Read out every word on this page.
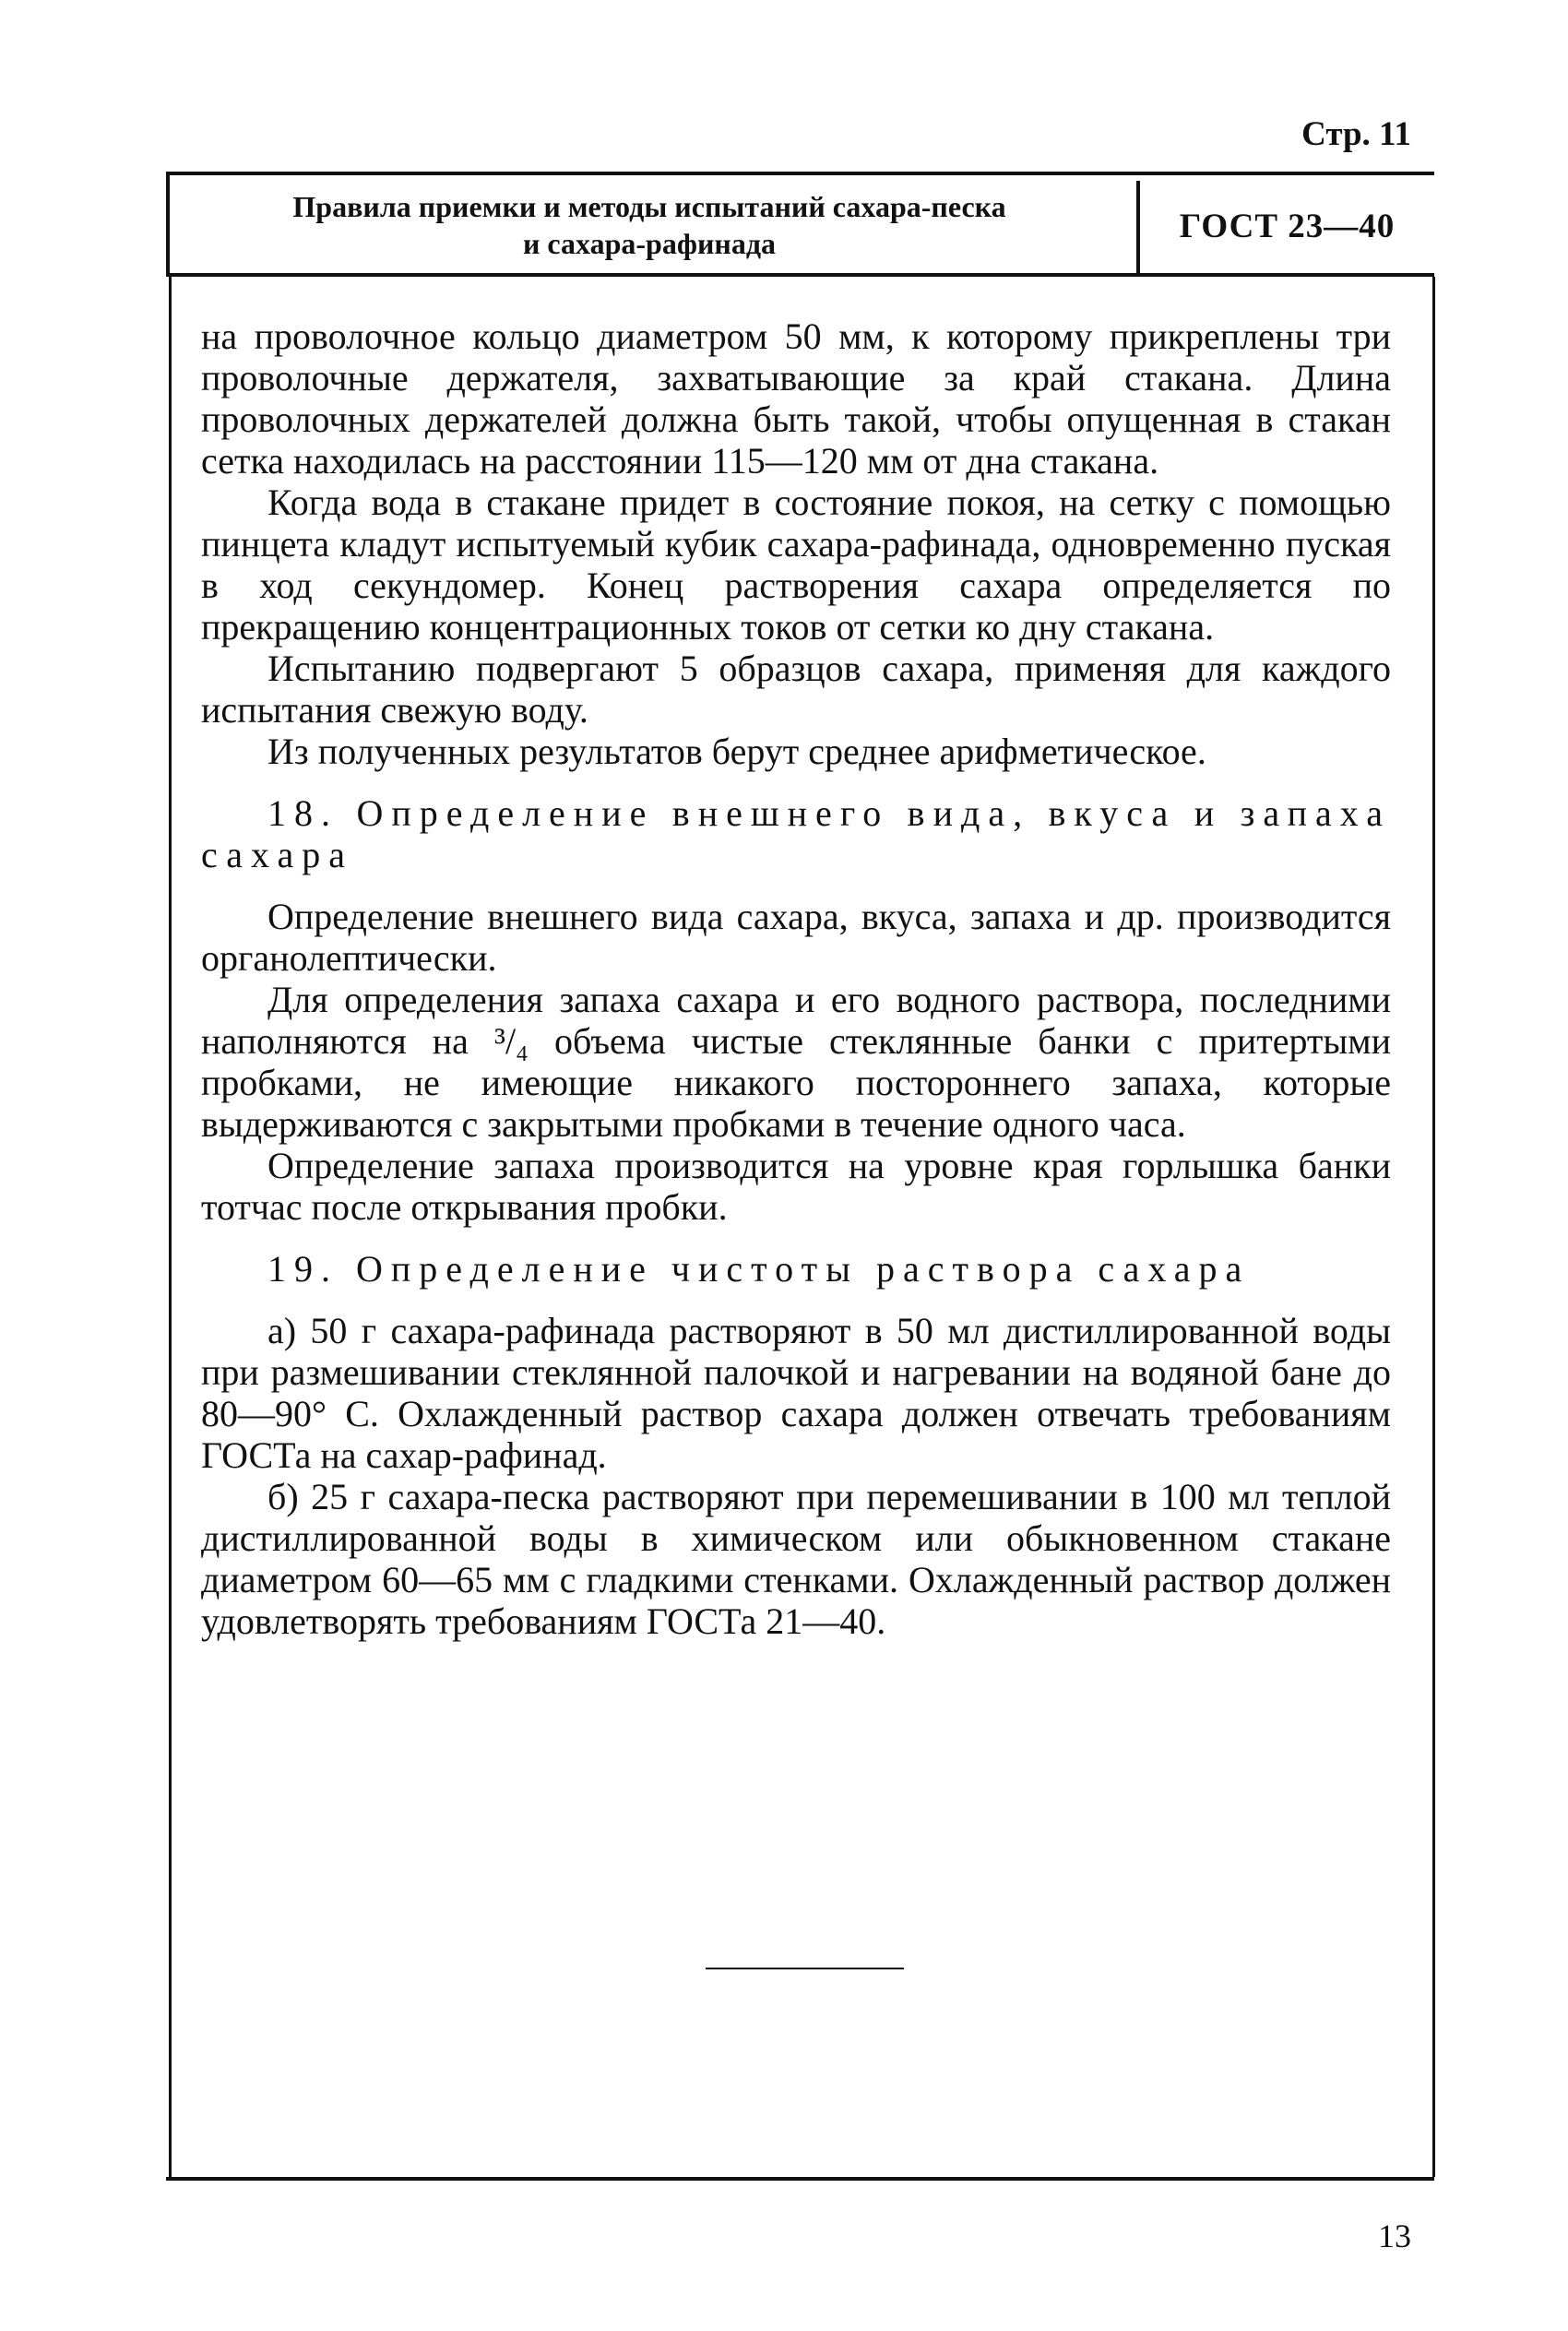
Стр. 11
Правила приемки и методы испытаний сахара-песка
и сахара-рафинада	ГОСТ 23—40

на проволочное кольцо диаметром 50 мм, к которому прикреплены три проволочные держателя, захватывающие за край стакана. Длина проволочных держателей должна быть такой, чтобы опущенная в стакан сетка находилась на расстоянии 115—120 мм от дна стакана.

Когда вода в стакане придет в состояние покоя, на сетку с помощью пинцета кладут испытуемый кубик сахара-рафинада, одновременно пуская в ход секундомер. Конец растворения сахара определяется по прекращению концентрационных токов от сетки ко дну стакана.

Испытанию подвергают 5 образцов сахара, применяя для каждого испытания свежую воду.

Из полученных результатов берут среднее арифметическое.

18. Определение внешнего вида, вкуса и запаха сахара

Определение внешнего вида сахара, вкуса, запаха и др. производится органолептически.

Для определения запаха сахара и его водного раствора, последними наполняются на ³/₄ объема чистые стеклянные банки с притертыми пробками, не имеющие никакого постороннего запаха, которые выдерживаются с закрытыми пробками в течение одного часа.

Определение запаха производится на уровне края горлышка банки тотчас после открывания пробки.

19. Определение чистоты раствора сахара

а) 50 г сахара-рафинада растворяют в 50 мл дистиллированной воды при размешивании стеклянной палочкой и нагревании на водяной бане до 80—90° С. Охлажденный раствор сахара должен отвечать требованиям ГОСТа на сахар-рафинад.

б) 25 г сахара-песка растворяют при перемешивании в 100 мл теплой дистиллированной воды в химическом или обыкновенном стакане диаметром 60—65 мм с гладкими стенками. Охлажденный раствор должен удовлетворять требованиям ГОСТа 21—40.

13
